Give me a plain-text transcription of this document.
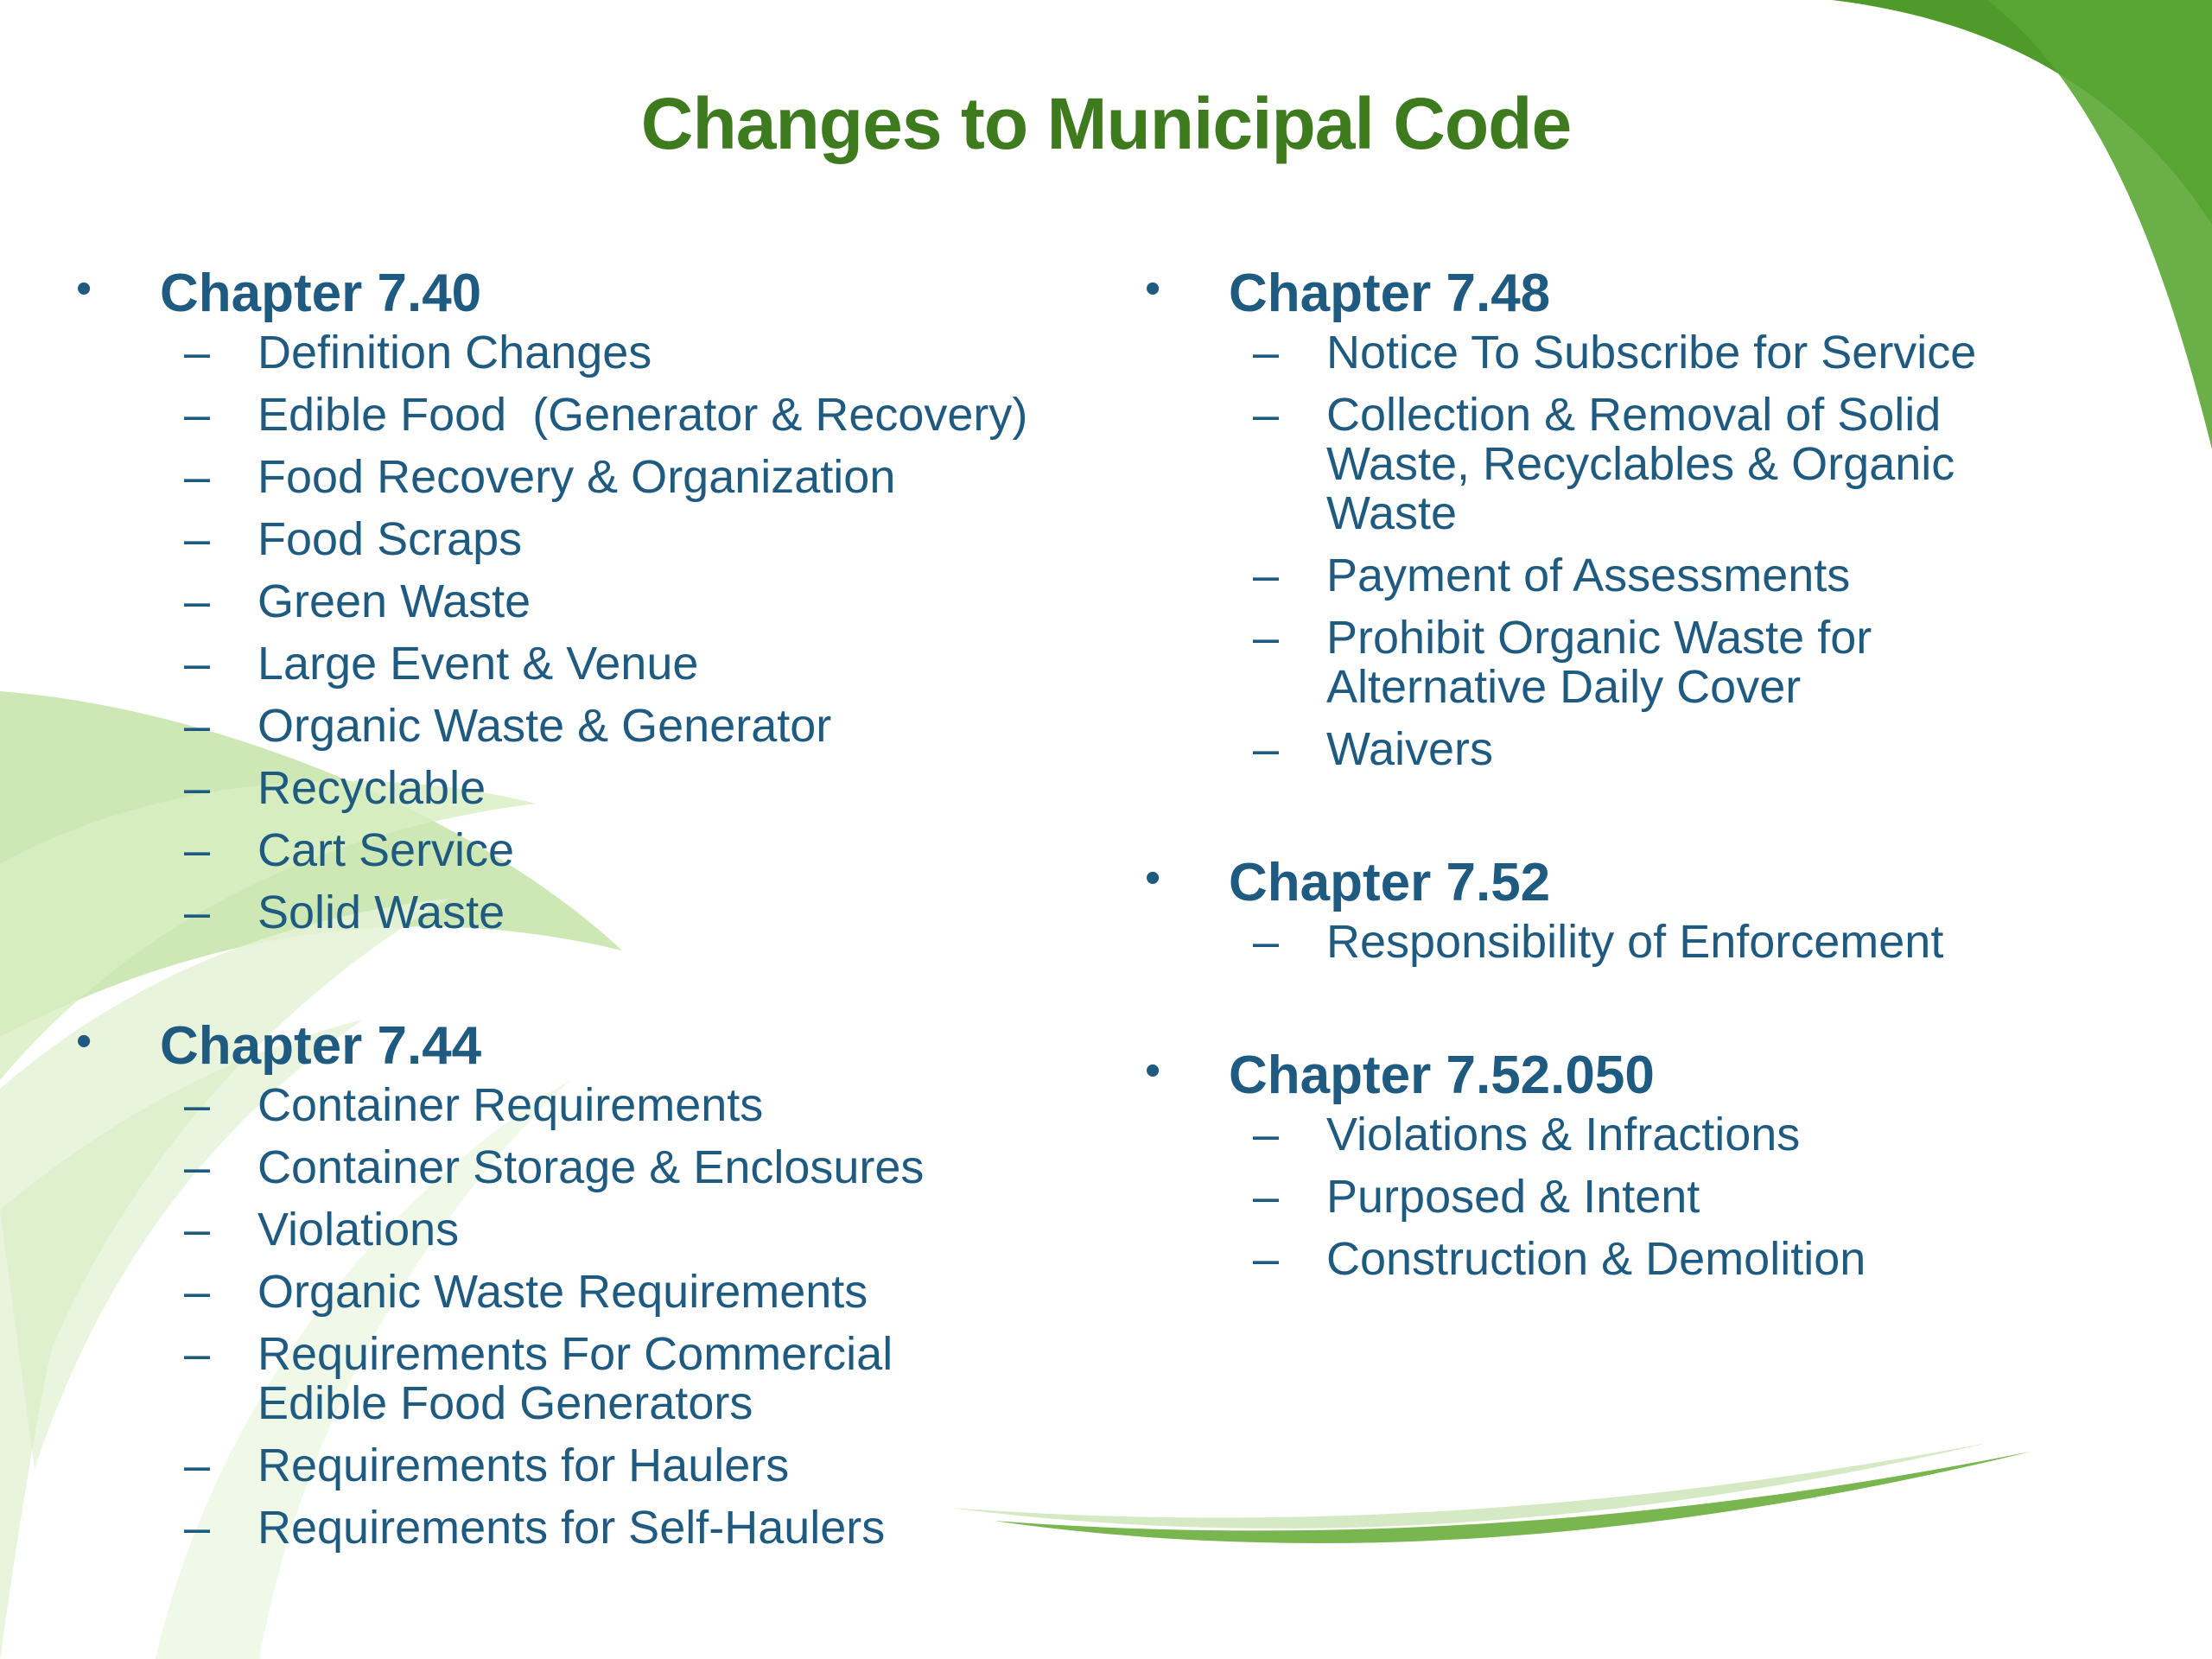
Changes to Municipal Code
• Chapter 7.40
– Definition Changes
– Edible Food  (Generator & Recovery)
– Food Recovery & Organization
– Food Scraps
– Green Waste
– Large Event & Venue
– Organic Waste & Generator
– Recyclable
– Cart Service
– Solid Waste
• Chapter 7.44
– Container Requirements
– Container Storage & Enclosures
– Violations
– Organic Waste Requirements
– Requirements For Commercial Edible Food Generators
– Requirements for Haulers
– Requirements for Self-Haulers
• Chapter 7.48
– Notice To Subscribe for Service
– Collection & Removal of Solid Waste, Recyclables & Organic Waste
– Payment of Assessments
– Prohibit Organic Waste for Alternative Daily Cover
– Waivers
• Chapter 7.52
– Responsibility of Enforcement
• Chapter 7.52.050
– Violations & Infractions
– Purposed & Intent
– Construction & Demolition
